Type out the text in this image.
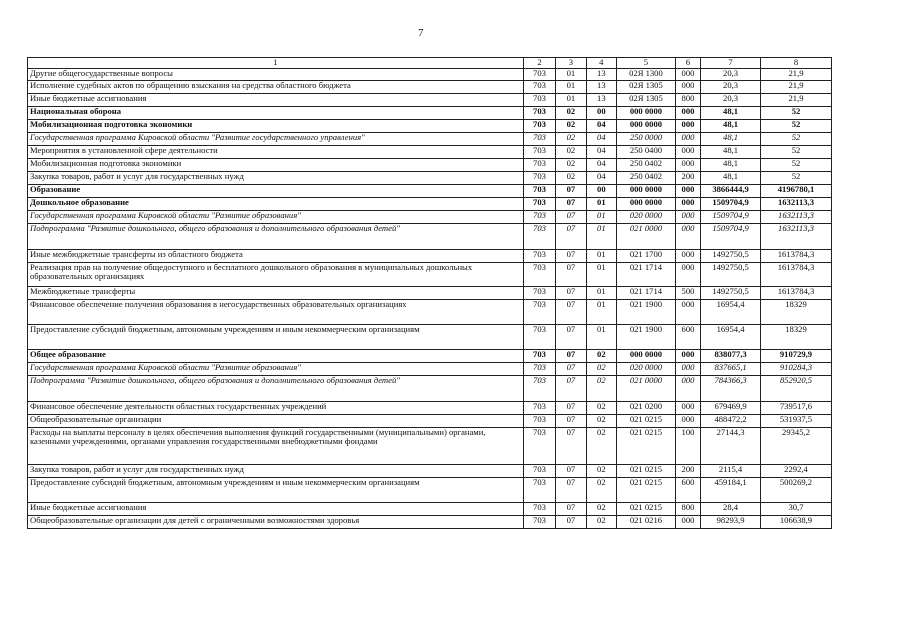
7
1	2	3	4	5	6	7	8
Другие общегосударственные вопросы	703	01	13	02Я 1300	000	20,3	21,9
Исполнение судебных актов по обращению взыскания на средства областного бюджета	703	01	13	02Я 1305	000	20,3	21,9
Иные бюджетные ассигнования	703	01	13	02Я 1305	800	20,3	21,9
Национальная оборона	703	02	00	000 0000	000	48,1	52
Мобилизационная подготовка экономики	703	02	04	000 0000	000	48,1	52
Государственная программа Кировской области "Развитие государственного управления"	703	02	04	250 0000	000	48,1	52
Мероприятия в установленной сфере деятельности	703	02	04	250 0400	000	48,1	52
Мобилизационная подготовка экономики	703	02	04	250 0402	000	48,1	52
Закупка товаров, работ и услуг для государственных нужд	703	02	04	250 0402	200	48,1	52
Образование	703	07	00	000 0000	000	3866444,9	4196780,1
Дошкольное образование	703	07	01	000 0000	000	1509704,9	1632113,3
Государственная программа Кировской области "Развитие образования"	703	07	01	020 0000	000	1509704,9	1632113,3
Подпрограмма "Развитие дошкольного, общего образования и дополнительного образования детей"	703	07	01	021 0000	000	1509704,9	1632113,3
Иные межбюджетные трансферты из областного бюджета	703	07	01	021 1700	000	1492750,5	1613784,3
Реализация прав на получение общедоступного и бесплатного дошкольного образования в муниципальных дошкольных образовательных организациях	703	07	01	021 1714	000	1492750,5	1613784,3
Межбюджетные трансферты	703	07	01	021 1714	500	1492750,5	1613784,3
Финансовое обеспечение получения образования в негосударственных образовательных организациях	703	07	01	021 1900	000	16954,4	18329
Предоставление субсидий бюджетным, автономным учреждениям и иным некоммерческим организациям	703	07	01	021 1900	600	16954,4	18329
Общее образование	703	07	02	000 0000	000	838077,3	910729,9
Государственная программа Кировской области "Развитие образования"	703	07	02	020 0000	000	837665,1	910284,3
Подпрограмма "Развитие дошкольного, общего образования и дополнительного образования детей"	703	07	02	021 0000	000	784366,3	852920,5
Финансовое обеспечение деятельности областных государственных учреждений	703	07	02	021 0200	000	679469,9	739517,6
Общеобразовательные организации	703	07	02	021 0215	000	488472,2	531937,5
Расходы на выплаты персоналу в целях обеспечения выполнения функций государственными (муниципальными) органами, казенными учреждениями, органами управления государственными внебюджетными фондами	703	07	02	021 0215	100	27144,3	29345,2
Закупка товаров, работ и услуг для государственных нужд	703	07	02	021 0215	200	2115,4	2292,4
Предоставление субсидий бюджетным, автономным учреждениям и иным некоммерческим организациям	703	07	02	021 0215	600	459184,1	500269,2
Иные бюджетные ассигнования	703	07	02	021 0215	800	28,4	30,7
Общеобразовательные организации для детей с ограниченными возможностями здоровья	703	07	02	021 0216	000	98293,9	106638,9
